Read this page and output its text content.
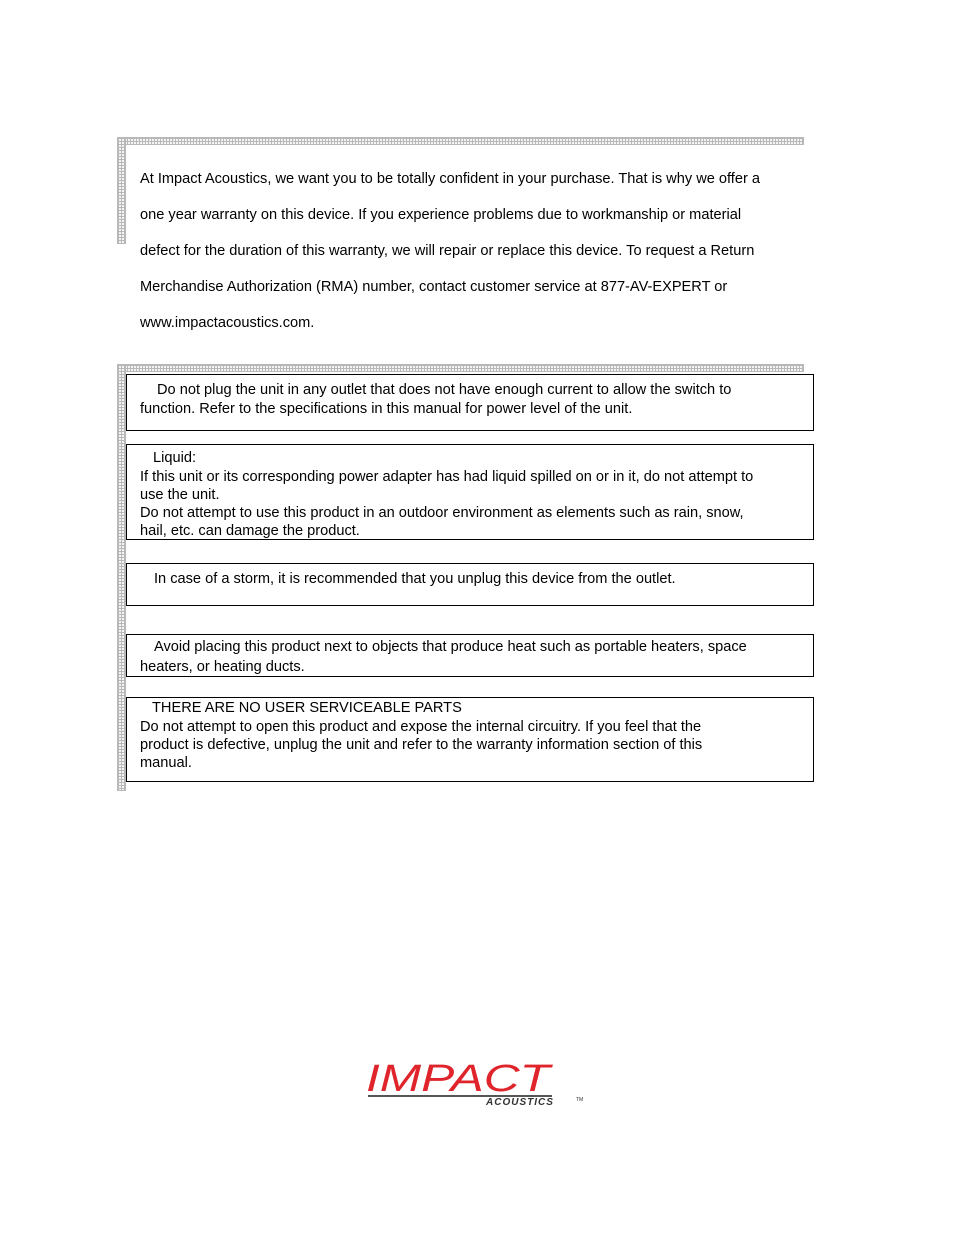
At Impact Acoustics, we want you to be totally confident in your purchase. That is why we offer a

one year warranty on this device. If you experience problems due to workmanship or material

defect for the duration of this warranty, we will repair or replace this device. To request a Return

Merchandise Authorization (RMA) number, contact customer service at 877-AV-EXPERT or

www.impactacoustics.com.

Do not plug the unit in any outlet that does not have enough current to allow the switch to
function. Refer to the specifications in this manual for power level of the unit.
Liquid:
If this unit or its corresponding power adapter has had liquid spilled on or in it, do not attempt to
use the unit.
Do not attempt to use this product in an outdoor environment as elements such as rain, snow,
hail, etc. can damage the product.
In case of a storm, it is recommended that you unplug this device from the outlet.
Avoid placing this product next to objects that produce heat such as portable heaters, space
heaters, or heating ducts.
THERE ARE NO USER SERVICEABLE PARTS
Do not attempt to open this product and expose the internal circuitry. If you feel that the
product is defective, unplug the unit and refer to the warranty information section of this
manual.
IMPACT
ACOUSTICS	TM
